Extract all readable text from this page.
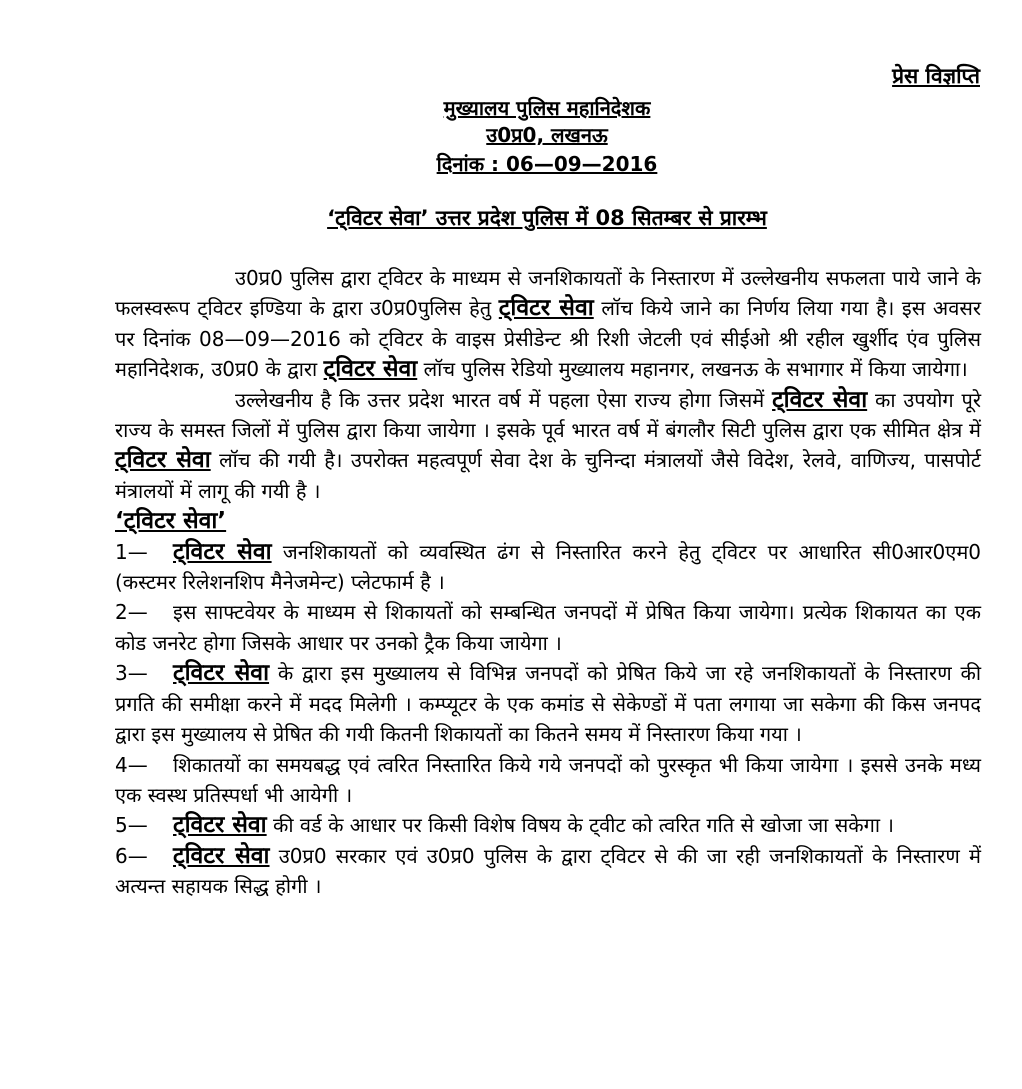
प्रेस विज्ञप्ति
मुख्यालय पुलिस महानिदेशक
उ0प्र0, लखनऊ
दिनांक : 06—09—2016
‘ट्विटर सेवा’ उत्तर प्रदेश पुलिस में 08 सितम्बर से प्रारम्भ

उ0प्र0 पुलिस द्वारा ट्विटर के माध्यम से जनशिकायतों के निस्तारण में उल्लेखनीय सफलता पाये जाने के फलस्वरूप ट्विटर इण्डिया के द्वारा उ0प्र0पुलिस हेतु ट्विटर सेवा लॉच किये जाने का निर्णय लिया गया है। इस अवसर पर दिनांक 08—09—2016 को ट्विटर के वाइस प्रेसीडेन्ट श्री रिशी जेटली एवं सीईओ श्री रहील खुर्शीद एंव पुलिस महानिदेशक, उ0प्र0 के द्वारा ट्विटर सेवा लॉच पुलिस रेडियो मुख्यालय महानगर, लखनऊ के सभागार में किया जायेगा।

उल्लेखनीय है कि उत्तर प्रदेश भारत वर्ष में पहला ऐसा राज्य होगा जिसमें ट्विटर सेवा का उपयोग पूरे राज्य के समस्त जिलों में पुलिस द्वारा किया जायेगा । इसके पूर्व भारत वर्ष में बंगलौर सिटी पुलिस द्वारा एक सीमित क्षेत्र में ट्विटर सेवा लॉच की गयी है। उपरोक्त महत्वपूर्ण सेवा देश के चुनिन्दा मंत्रालयों जैसे विदेश, रेलवे, वाणिज्य, पासपोर्ट मंत्रालयों में लागू की गयी है ।

‘ट्विटर सेवा’

1— ट्विटर सेवा जनशिकायतों को व्यवस्थित ढंग से निस्तारित करने हेतु ट्विटर पर आधारित सी0आर0एम0 (कस्टमर रिलेशनशिप मैनेजमेन्ट) प्लेटफार्म है ।

2— इस साफ्टवेयर के माध्यम से शिकायतों को सम्बन्धित जनपदों में प्रेषित किया जायेगा। प्रत्येक शिकायत का एक कोड जनरेट होगा जिसके आधार पर उनको ट्रैक किया जायेगा ।

3— ट्विटर सेवा के द्वारा इस मुख्यालय से विभिन्न जनपदों को प्रेषित किये जा रहे जनशिकायतों के निस्तारण की प्रगति की समीक्षा करने में मदद मिलेगी । कम्प्यूटर के एक कमांड से सेकेण्डों में पता लगाया जा सकेगा की किस जनपद द्वारा इस मुख्यालय से प्रेषित की गयी कितनी शिकायतों का कितने समय में निस्तारण किया गया ।

4— शिकातयों का समयबद्ध एवं त्वरित निस्तारित किये गये जनपदों को पुरस्कृत भी किया जायेगा । इससे उनके मध्य एक स्वस्थ प्रतिस्पर्धा भी आयेगी ।

5— ट्विटर सेवा की वर्ड के आधार पर किसी विशेष विषय के ट्वीट को त्वरित गति से खोजा जा सकेगा ।

6— ट्विटर सेवा उ0प्र0 सरकार एवं उ0प्र0 पुलिस के द्वारा ट्विटर से की जा रही जनशिकायतों के निस्तारण में अत्यन्त सहायक सिद्ध होगी ।
